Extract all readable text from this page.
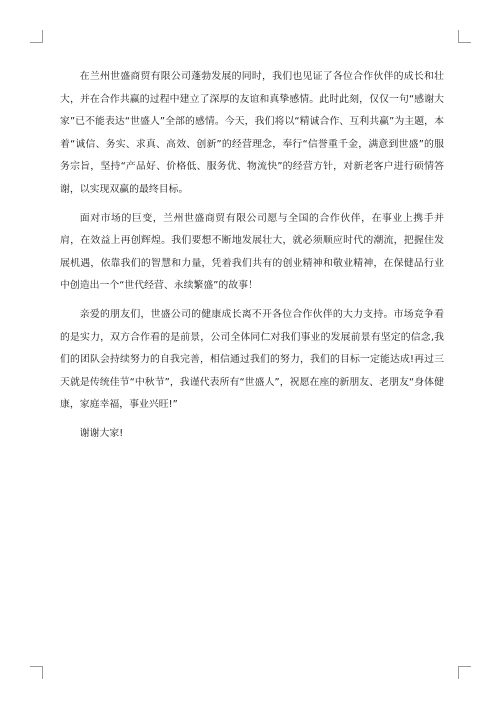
在兰州世盛商贸有限公司蓬勃发展的同时，我们也见证了各位合作伙伴的成长和壮大，并在合作共赢的过程中建立了深厚的友谊和真挚感情。此时此刻，仅仅一句“感谢大家”已不能表达“世盛人”全部的感情。今天，我们将以“精诚合作、互利共赢”为主题，本着“诚信、务实、求真、高效、创新”的经营理念，奉行“信誉重千金，满意到世盛”的服务宗旨，坚持“产品好、价格低、服务优、物流快”的经营方针，对新老客户进行硕情答谢，以实现双赢的最终目标。

面对市场的巨变，兰州世盛商贸有限公司愿与全国的合作伙伴，在事业上携手并肩，在效益上再创辉煌。我们要想不断地发展壮大，就必须顺应时代的潮流，把握住发展机遇，依靠我们的智慧和力量，凭着我们共有的创业精神和敬业精神，在保健品行业中创造出一个“世代经营、永续繁盛”的故事！

亲爱的朋友们，世盛公司的健康成长离不开各位合作伙伴的大力支持。市场竞争看的是实力，双方合作看的是前景，公司全体同仁对我们事业的发展前景有坚定的信念,我们的团队会持续努力的自我完善，相信通过我们的努力，我们的目标一定能达成!再过三天就是传统佳节“中秋节”，我谨代表所有“世盛人”，祝愿在座的新朋友、老朋友“身体健康，家庭幸福，事业兴旺!”

谢谢大家!
